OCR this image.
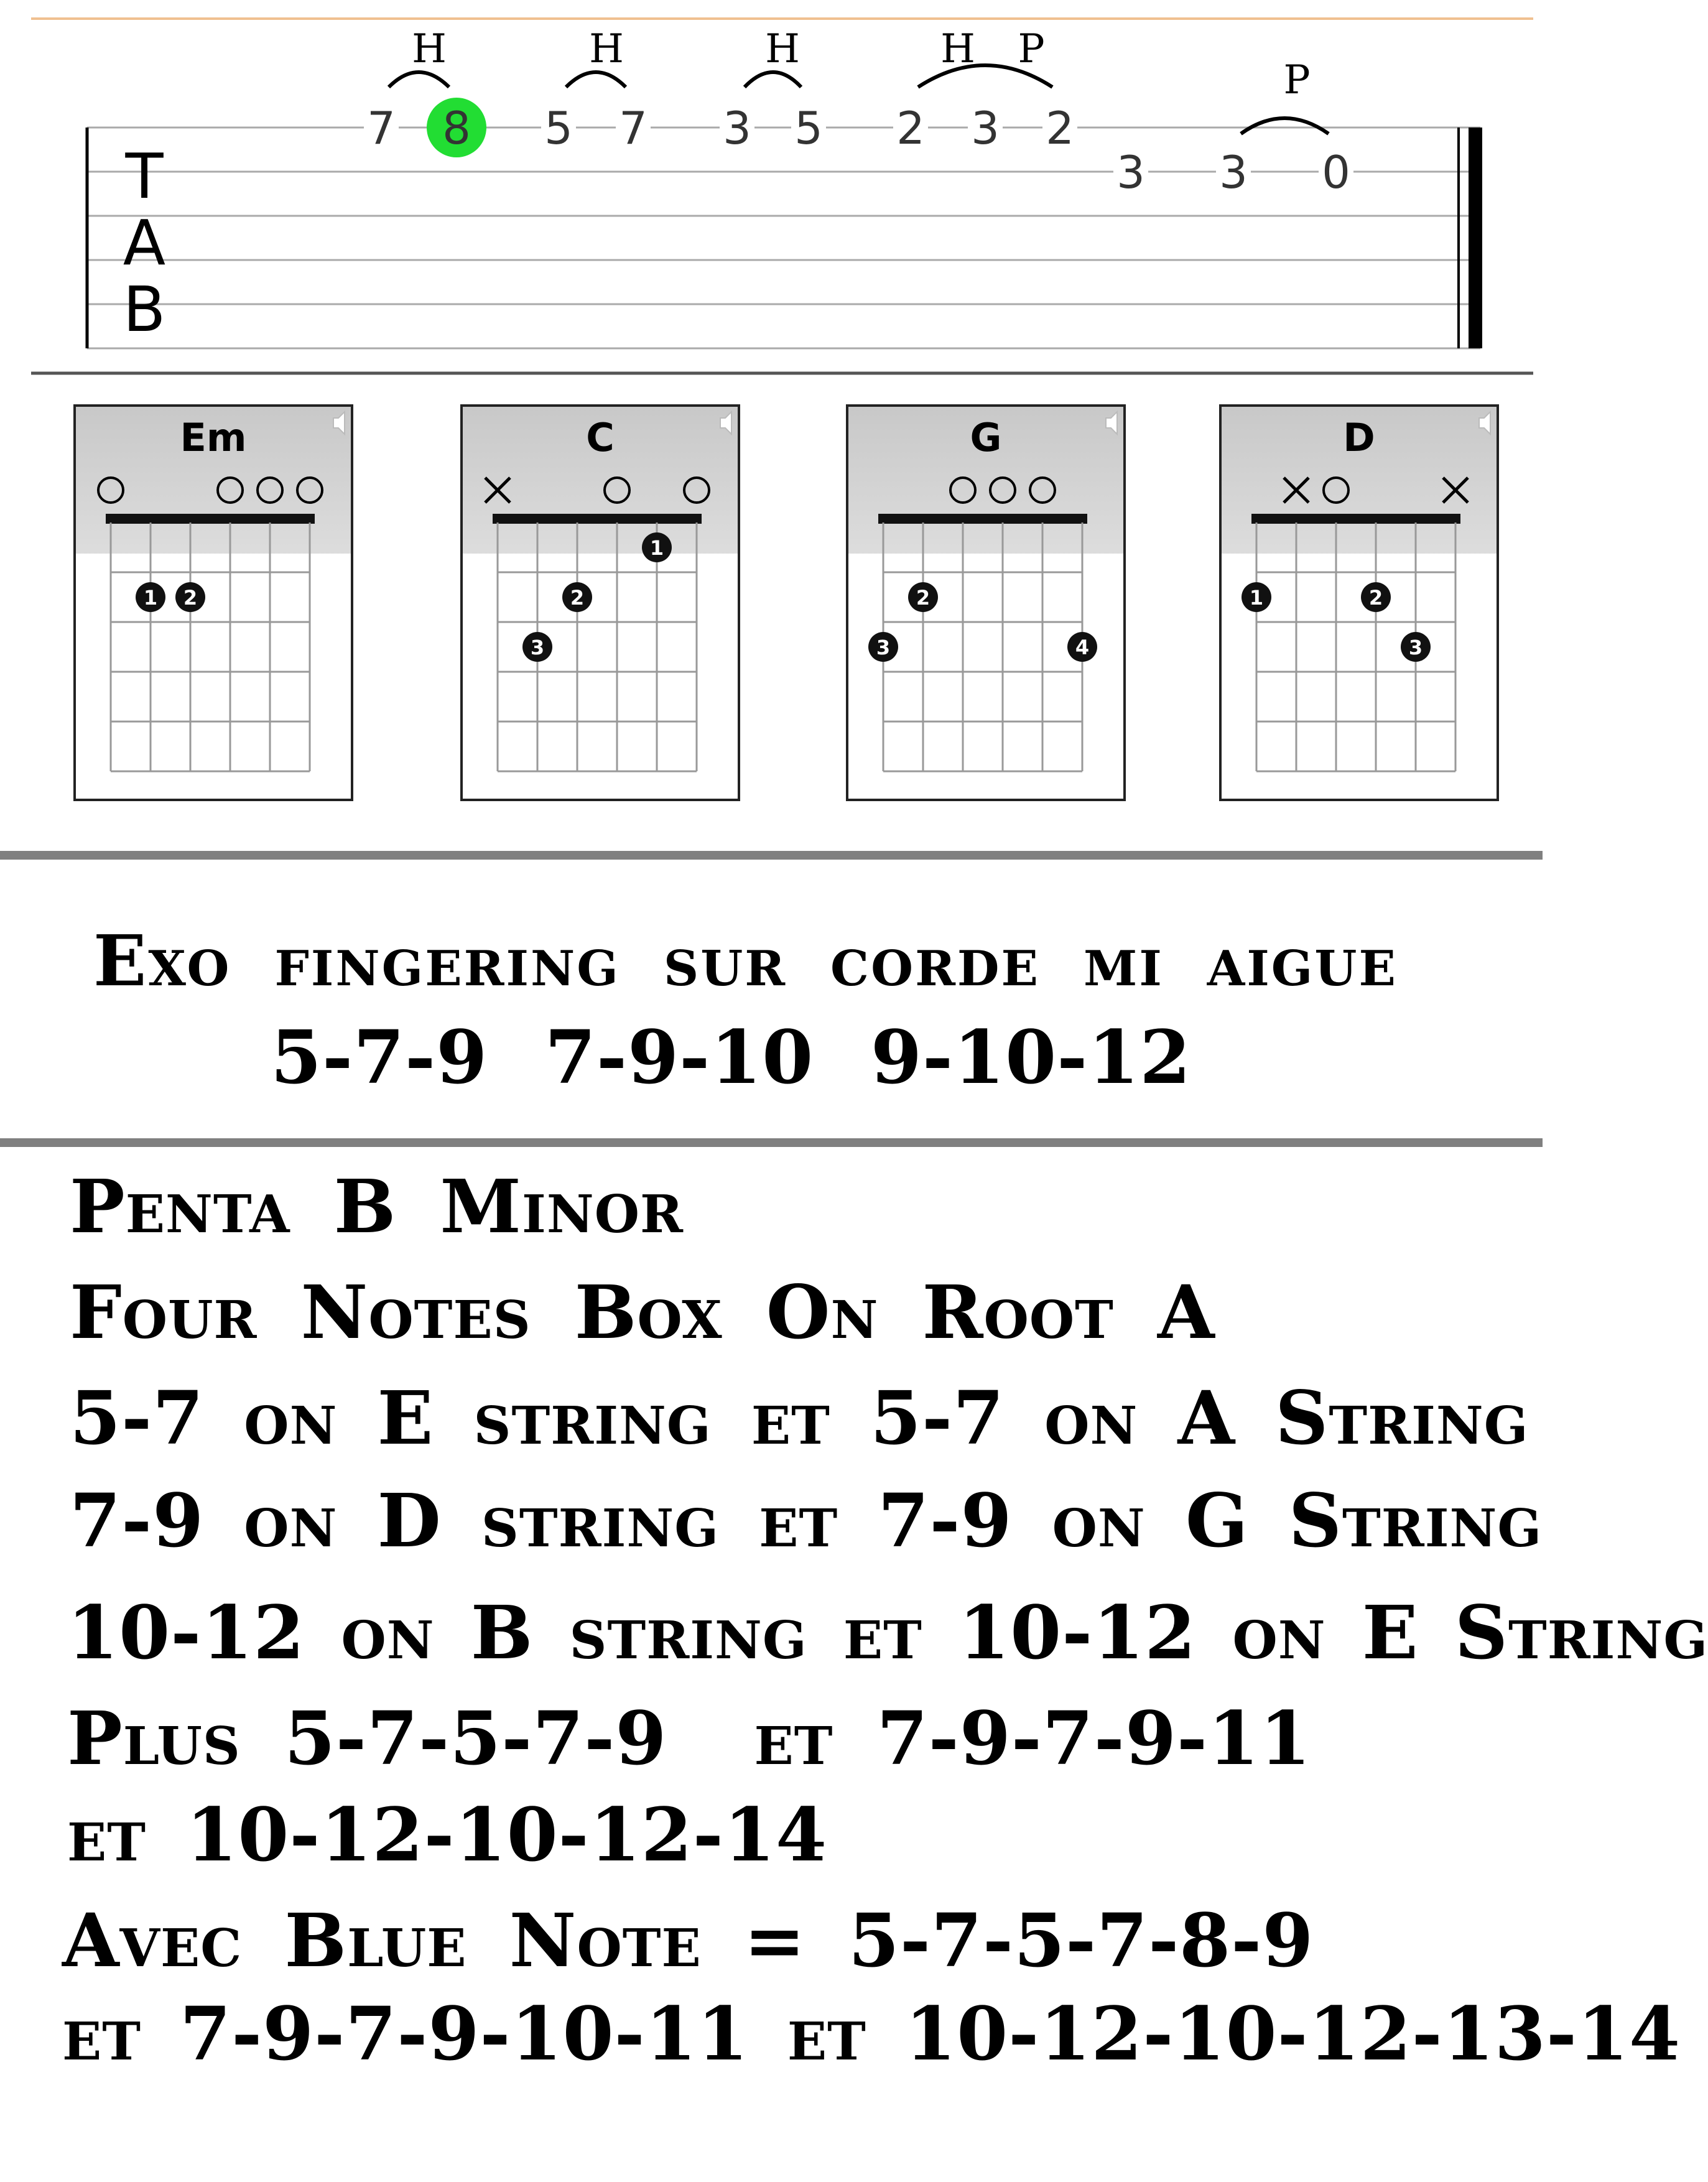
T
A
B
7 8 5 7 3 5 2 3 2
3 3 0
H	H	H	H P
P
Em
1 2
C
1
2
3
G
2
3	4
D
1	2
3

Exo fingering sur corde mi aigue

5-7-9 7-9-10 9-10-12

Penta B Minor

Four Notes Box On Root A

5-7 on E string et 5-7 on A String

7-9 on D string et 7-9 on G String

10-12 on B string et 10-12 on E String

Plus 5-7-5-7-9  et 7-9-7-9-11

et 10-12-10-12-14

Avec Blue Note = 5-7-5-7-8-9

et 7-9-7-9-10-11 et 10-12-10-12-13-14
